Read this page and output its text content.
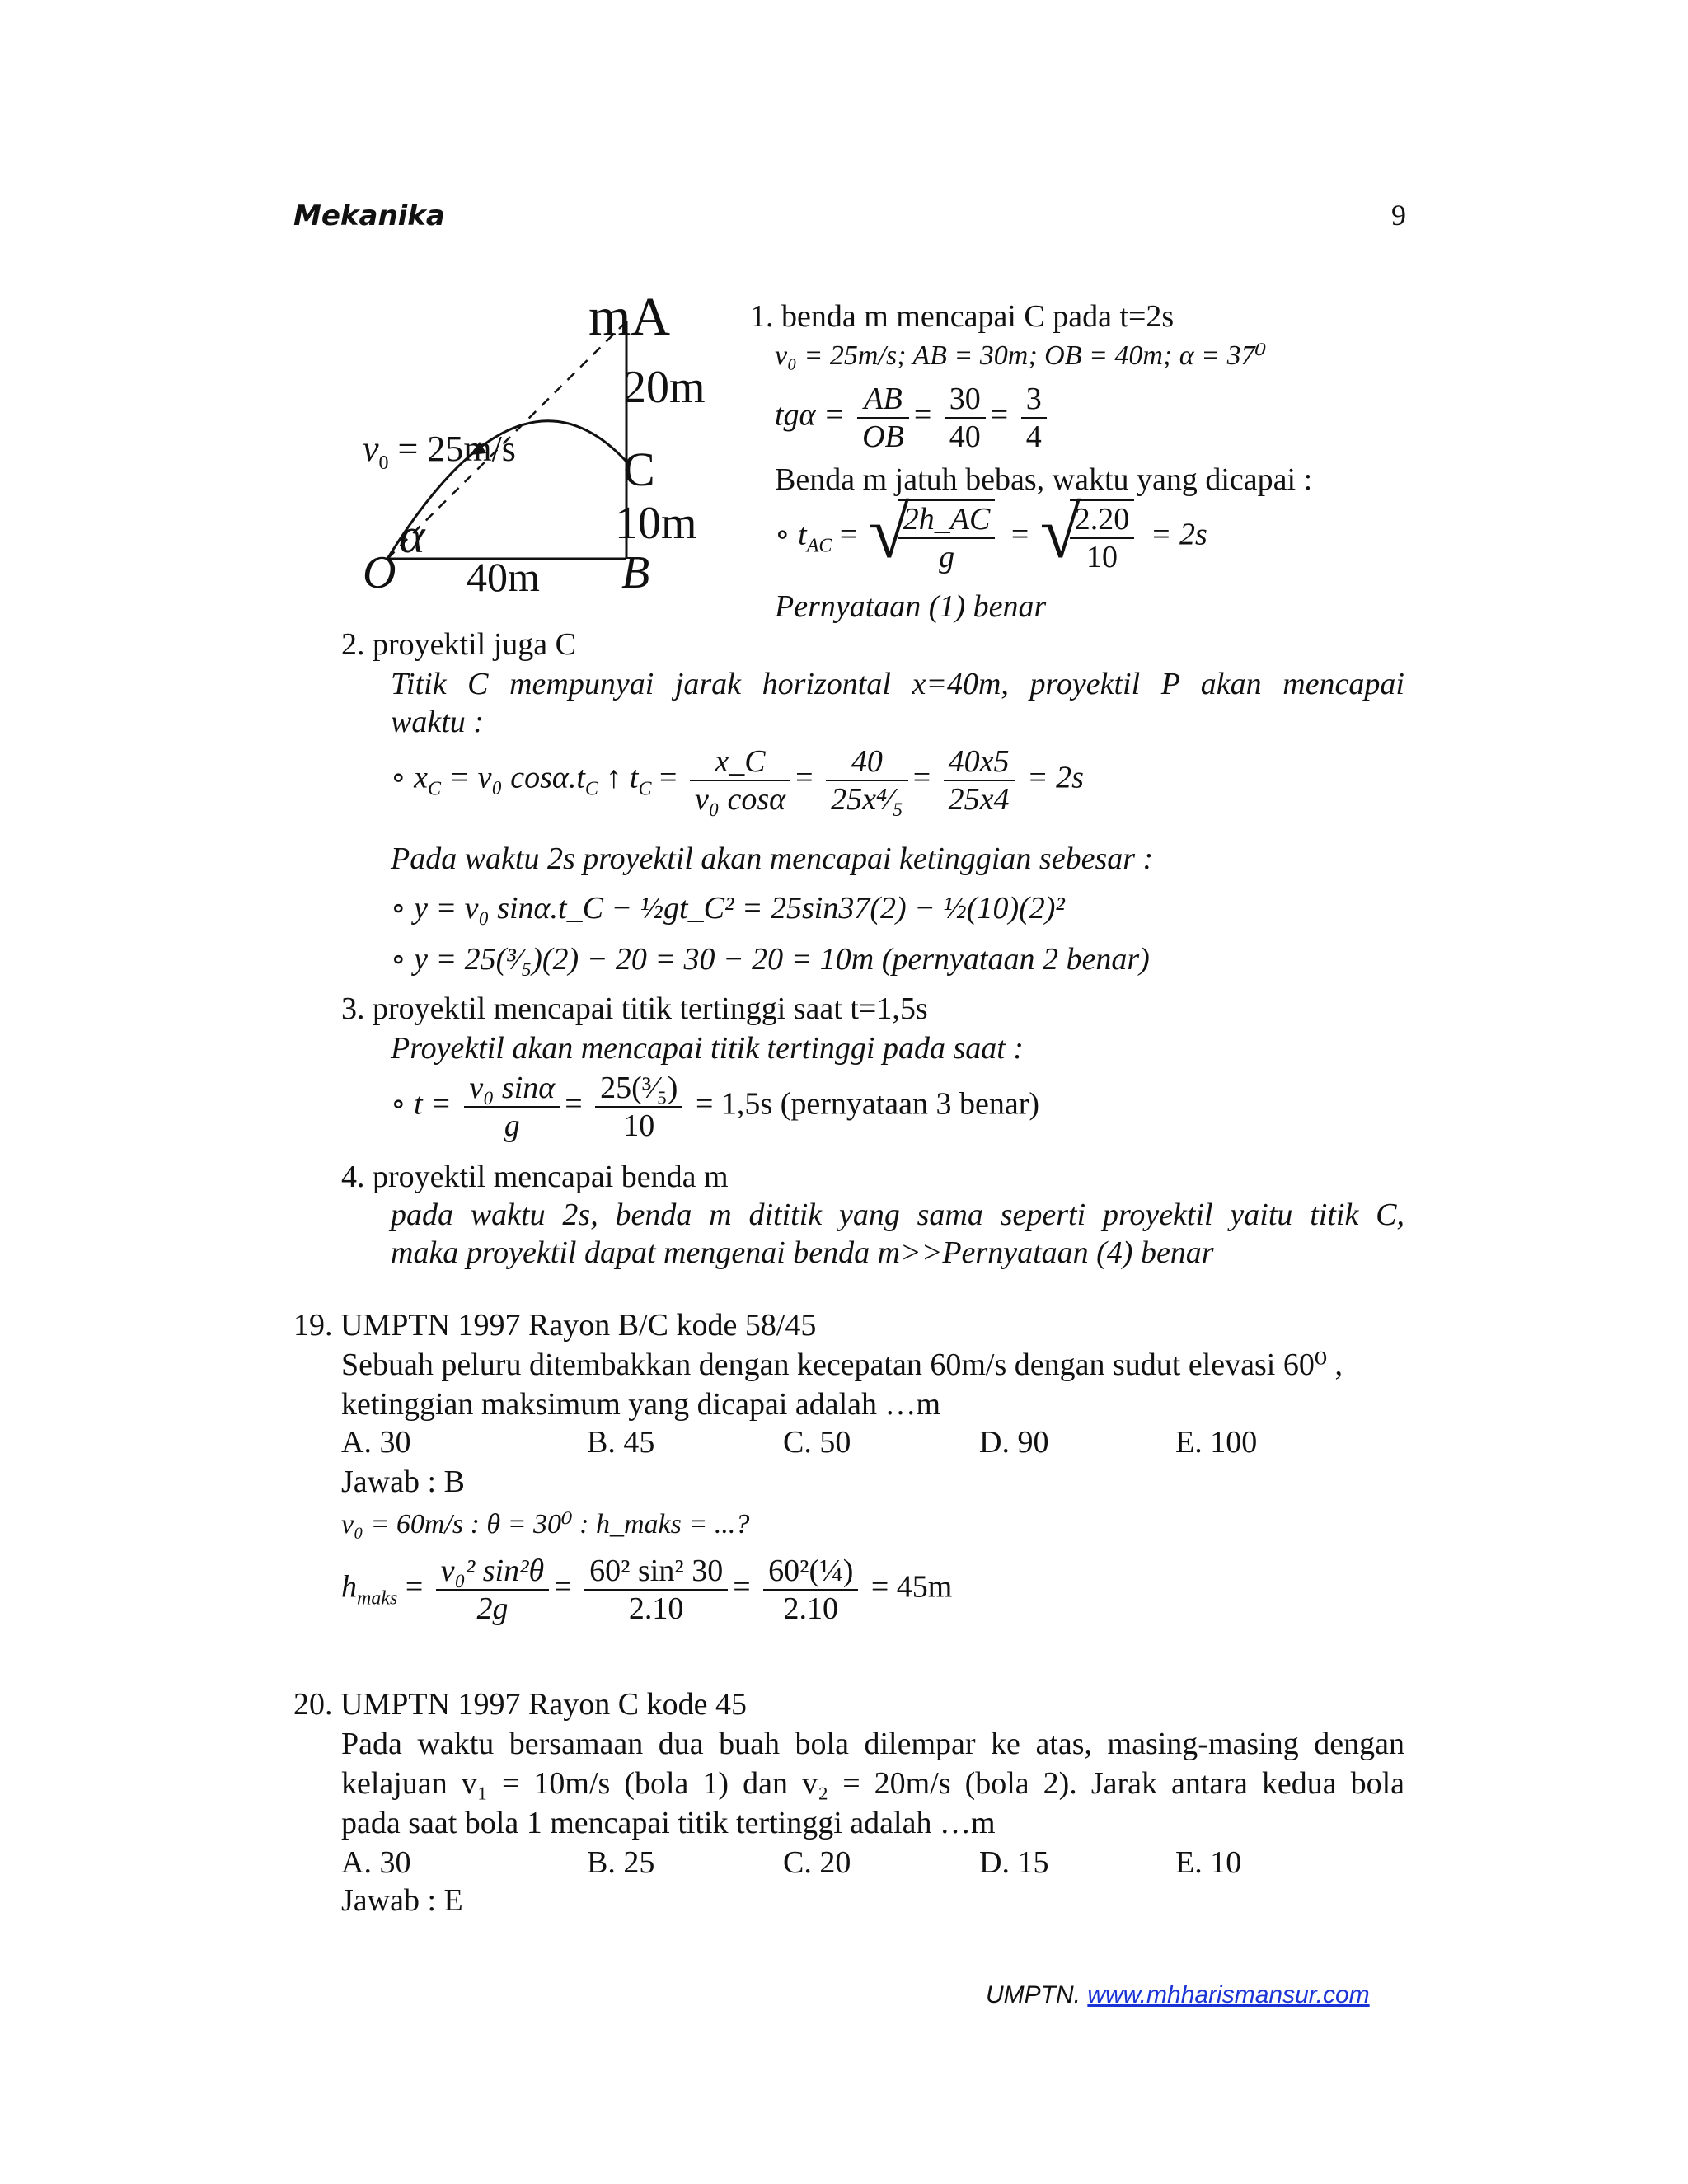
Mekanika	9
mA
20m
C
10m
$v_0 = 25m/s$
α
O 40m B
1. benda m mencapai C pada t=2s
v₀ = 25m/s; AB = 30m; OB = 40m; α = 37⁰
$tg\alpha = \frac{AB}{OB} = \frac{30}{40} = \frac{3}{4}$
Benda m jatuh bebas, waktu yang dicapai :
∘ $t_{AC}$ = √ $\frac{2h\_AC}{g}$ = √ $\frac{2.20}{10} = 2s$
Pernyataan (1) benar
2. proyektil juga C
Titik C mempunyai jarak horizontal x=40m, proyektil P akan mencapai
waktu :
∘ $x_C = v_0$ $\cos\alpha.t_C$ ↑ $t_C = \frac{x\_C}{\text{v₀ cosα}} = \frac{40}{\text{25x⁴⁄₅}} = \frac{40x5}{25x4} = 2s$
Pada waktu 2s proyektil akan mencapai ketinggian sebesar :
∘ y = v₀ sinα.t_C − ½gt_C² = 25sin37(2) − ½(10)(2)²
∘ y = 25(³⁄₅)(2) − 20 = 30 − 20 = 10m (pernyataan 2 benar)
3. proyektil mencapai titik tertinggi saat t=1,5s
Proyektil akan mencapai titik tertinggi pada saat :
∘ $t = \frac{\text{v₀ sinα}}{g} = \frac{\text{25(³⁄₅)}}{10} = 1,5s$ (pernyataan 3 benar)
4. proyektil mencapai benda m
pada waktu 2s, benda m dititik yang sama seperti proyektil yaitu titik C,
maka proyektil dapat mengenai benda m>>Pernyataan (4) benar
19. UMPTN 1997 Rayon B/C kode 58/45
Sebuah peluru ditembakkan dengan kecepatan 60m/s dengan sudut elevasi 60⁰ ,
ketinggian maksimum yang dicapai adalah …m
A. 30	B. 45	C. 50	D. 90	E. 100
Jawab : B
v₀ = 60m/s : θ = 30⁰ : h_maks = ...?
$h_{maks} = \frac{\text{v₀² sin²θ}}{2g} = \frac{\text{60² sin² 30}}{2.10} = \frac{\text{60²(¼)}}{2.10} = 45m$
20. UMPTN 1997 Rayon C kode 45
Pada waktu bersamaan dua buah bola dilempar ke atas, masing-masing dengan
kelajuan v₁ = 10m/s (bola 1) dan v₂ = 20m/s (bola 2). Jarak antara kedua bola
pada saat bola 1 mencapai titik tertinggi adalah …m
A. 30	B. 25	C. 20	D. 15	E. 10
Jawab : E
UMPTN. www.mhharismansur.com
